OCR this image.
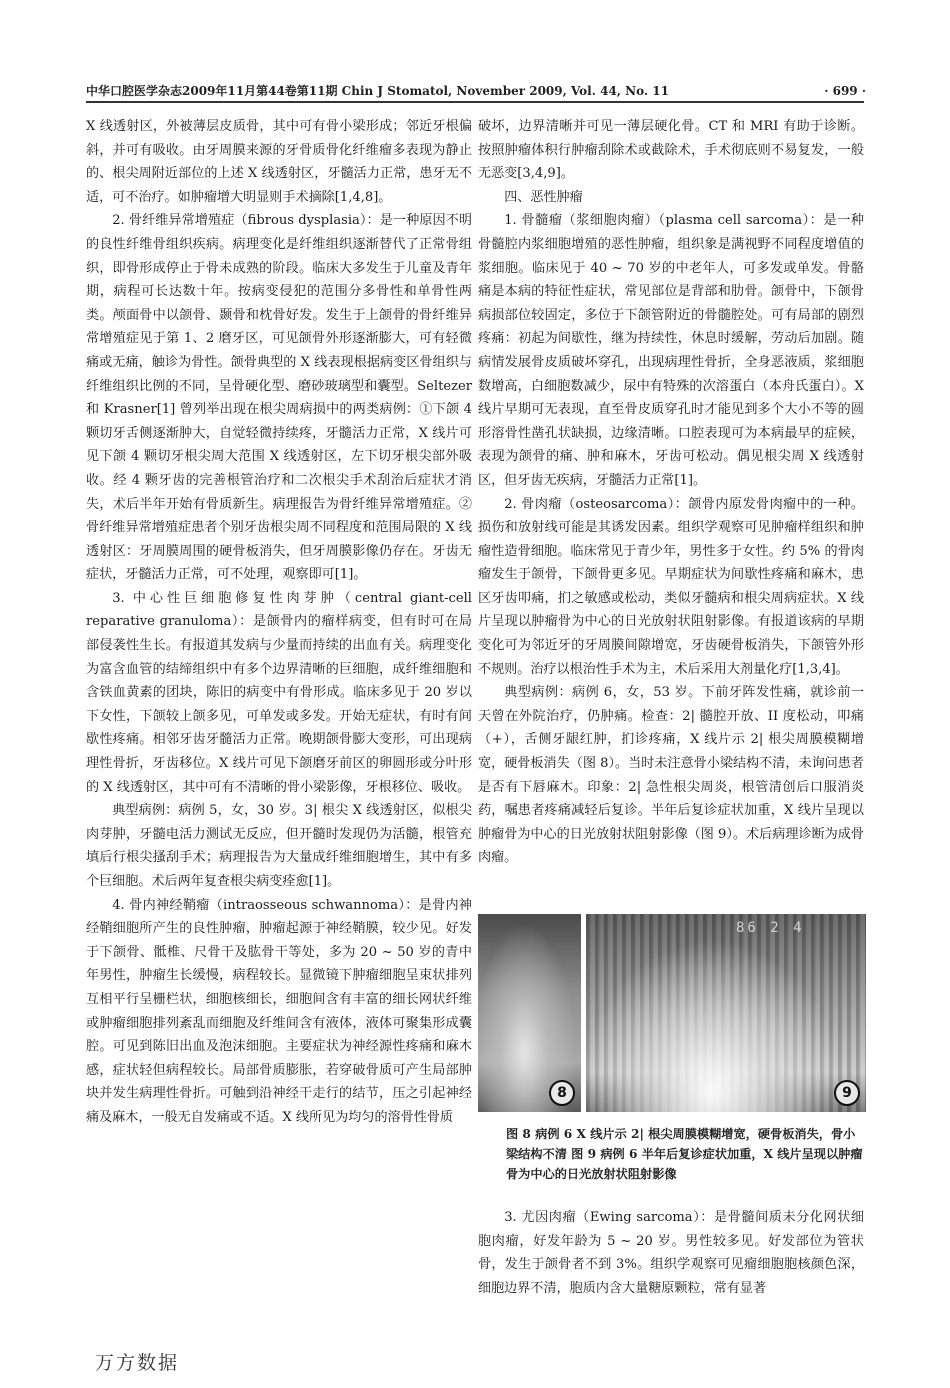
中华口腔医学杂志2009年11月第44卷第11期 Chin J Stomatol, November 2009, Vol. 44, No. 11	· 699 ·

X 线透射区，外被薄层皮质骨，其中可有骨小梁形成；邻近牙根偏斜，并可有吸收。由牙周膜来源的牙骨质骨化纤维瘤多表现为静止的、根尖周附近部位的上述 X 线透射区，牙髓活力正常，患牙无不适，可不治疗。如肿瘤增大明显则手术摘除[1,4,8]。

2. 骨纤维异常增殖症（fibrous dysplasia）：是一种原因不明的良性纤维骨组织疾病。病理变化是纤维组织逐渐替代了正常骨组织，即骨形成停止于骨未成熟的阶段。临床大多发生于儿童及青年期，病程可长达数十年。按病变侵犯的范围分多骨性和单骨性两类。颅面骨中以颌骨、颞骨和枕骨好发。发生于上颌骨的骨纤维异常增殖症见于第 1、2 磨牙区，可见颌骨外形逐渐膨大，可有轻微痛或无痛，触诊为骨性。颌骨典型的 X 线表现根据病变区骨组织与纤维组织比例的不同，呈骨硬化型、磨砂玻璃型和囊型。Seltezer 和 Krasner[1] 曾列举出现在根尖周病损中的两类病例：①下颌 4 颗切牙舌侧逐渐肿大，自觉轻微持续疼，牙髓活力正常，X 线片可见下颌 4 颗切牙根尖周大范围 X 线透射区，左下切牙根尖部外吸收。经 4 颗牙齿的完善根管治疗和二次根尖手术刮治后症状才消失，术后半年开始有骨质新生。病理报告为骨纤维异常增殖症。②骨纤维异常增殖症患者个别牙齿根尖周不同程度和范围局限的 X 线透射区：牙周膜周围的硬骨板消失，但牙周膜影像仍存在。牙齿无症状，牙髓活力正常，可不处理，观察即可[1]。

3. 中心性巨细胞修复性肉芽肿（central giant-cell reparative granuloma）：是颌骨内的瘤样病变，但有时可在局部侵袭性生长。有报道其发病与少量而持续的出血有关。病理变化为富含血管的结缔组织中有多个边界清晰的巨细胞，成纤维细胞和含铁血黄素的团块，陈旧的病变中有骨形成。临床多见于 20 岁以下女性，下颌较上颌多见，可单发或多发。开始无症状，有时有间歇性疼痛。相邻牙齿牙髓活力正常。晚期颌骨膨大变形，可出现病理性骨折，牙齿移位。X 线片可见下颌磨牙前区的卵圆形或分叶形的 X 线透射区，其中可有不清晰的骨小梁影像，牙根移位、吸收。

典型病例：病例 5，女，30 岁。3| 根尖 X 线透射区，似根尖肉芽肿，牙髓电活力测试无反应，但开髓时发现仍为活髓，根管充填后行根尖搔刮手术；病理报告为大量成纤维细胞增生，其中有多个巨细胞。术后两年复查根尖病变痊愈[1]。

4. 骨内神经鞘瘤（intraosseous schwannoma）：是骨内神经鞘细胞所产生的良性肿瘤，肿瘤起源于神经鞘膜，较少见。好发于下颌骨、骶椎、尺骨干及肱骨干等处，多为 20 ~ 50 岁的青中年男性，肿瘤生长缓慢，病程较长。显微镜下肿瘤细胞呈束状排列互相平行呈栅栏状，细胞核细长，细胞间含有丰富的细长网状纤维或肿瘤细胞排列紊乱而细胞及纤维间含有液体，液体可聚集形成囊腔。可见到陈旧出血及泡沫细胞。主要症状为神经源性疼痛和麻木感，症状轻但病程较长。局部骨质膨胀，若穿破骨质可产生局部肿块并发生病理性骨折。可触到沿神经干走行的结节，压之引起神经痛及麻木，一般无自发痛或不适。X 线所见为均匀的溶骨性骨质

破坏，边界清晰并可见一薄层硬化骨。CT 和 MRI 有助于诊断。按照肿瘤体积行肿瘤刮除术或截除术，手术彻底则不易复发，一般无恶变[3,4,9]。

四、恶性肿瘤

1. 骨髓瘤（浆细胞肉瘤）（plasma cell sarcoma）：是一种骨髓腔内浆细胞增殖的恶性肿瘤，组织象是满视野不同程度增值的浆细胞。临床见于 40 ~ 70 岁的中老年人，可多发或单发。骨骼痛是本病的特征性症状，常见部位是背部和肋骨。颌骨中，下颌骨病损部位较固定，多位于下颌管附近的骨髓腔处。可有局部的剧烈疼痛：初起为间歇性，继为持续性，休息时缓解，劳动后加剧。随病情发展骨皮质破坏穿孔，出现病理性骨折，全身恶液质，浆细胞数增高，白细胞数减少，尿中有特殊的次溶蛋白（本舟氏蛋白）。X 线片早期可无表现，直至骨皮质穿孔时才能见到多个大小不等的圆形溶骨性凿孔状缺损，边缘清晰。口腔表现可为本病最早的症候，表现为颌骨的痛、肿和麻木，牙齿可松动。偶见根尖周 X 线透射区，但牙齿无疾病，牙髓活力正常[1]。

2. 骨肉瘤（osteosarcoma）：颌骨内原发骨肉瘤中的一种。损伤和放射线可能是其诱发因素。组织学观察可见肿瘤样组织和肿瘤性造骨细胞。临床常见于青少年，男性多于女性。约 5% 的骨肉瘤发生于颌骨，下颌骨更多见。早期症状为间歇性疼痛和麻木，患区牙齿叩痛，扪之敏感或松动，类似牙髓病和根尖周病症状。X 线片呈现以肿瘤骨为中心的日光放射状阻射影像。有报道该病的早期变化可为邻近牙的牙周膜间隙增宽，牙齿硬骨板消失，下颌管外形不规则。治疗以根治性手术为主，术后采用大剂量化疗[1,3,4]。

典型病例：病例 6，女，53 岁。下前牙阵发性痛，就诊前一天曾在外院治疗，仍肿痛。检查：2| 髓腔开放、II 度松动，叩痛（+），舌侧牙龈红肿，扪诊疼痛，X 线片示 2| 根尖周膜模糊增宽，硬骨板消失（图 8）。当时未注意骨小梁结构不清，未询问患者是否有下唇麻木。印象：2| 急性根尖周炎，根管清创后口服消炎药，嘱患者疼痛减轻后复诊。半年后复诊症状加重，X 线片呈现以肿瘤骨为中心的日光放射状阻射影像（图 9）。术后病理诊断为成骨肉瘤。

8
86 2 4
9
图 8 病例 6 X 线片示 2| 根尖周膜模糊增宽，硬骨板消失，骨小梁结构不清 图 9 病例 6 半年后复诊症状加重，X 线片呈现以肿瘤骨为中心的日光放射状阻射影像

3. 尤因肉瘤（Ewing sarcoma）：是骨髓间质未分化网状细胞肉瘤，好发年龄为 5 ~ 20 岁。男性较多见。好发部位为管状骨，发生于颌骨者不到 3%。组织学观察可见瘤细胞胞核颜色深，细胞边界不清，胞质内含大量糖原颗粒，常有显著

万方数据
